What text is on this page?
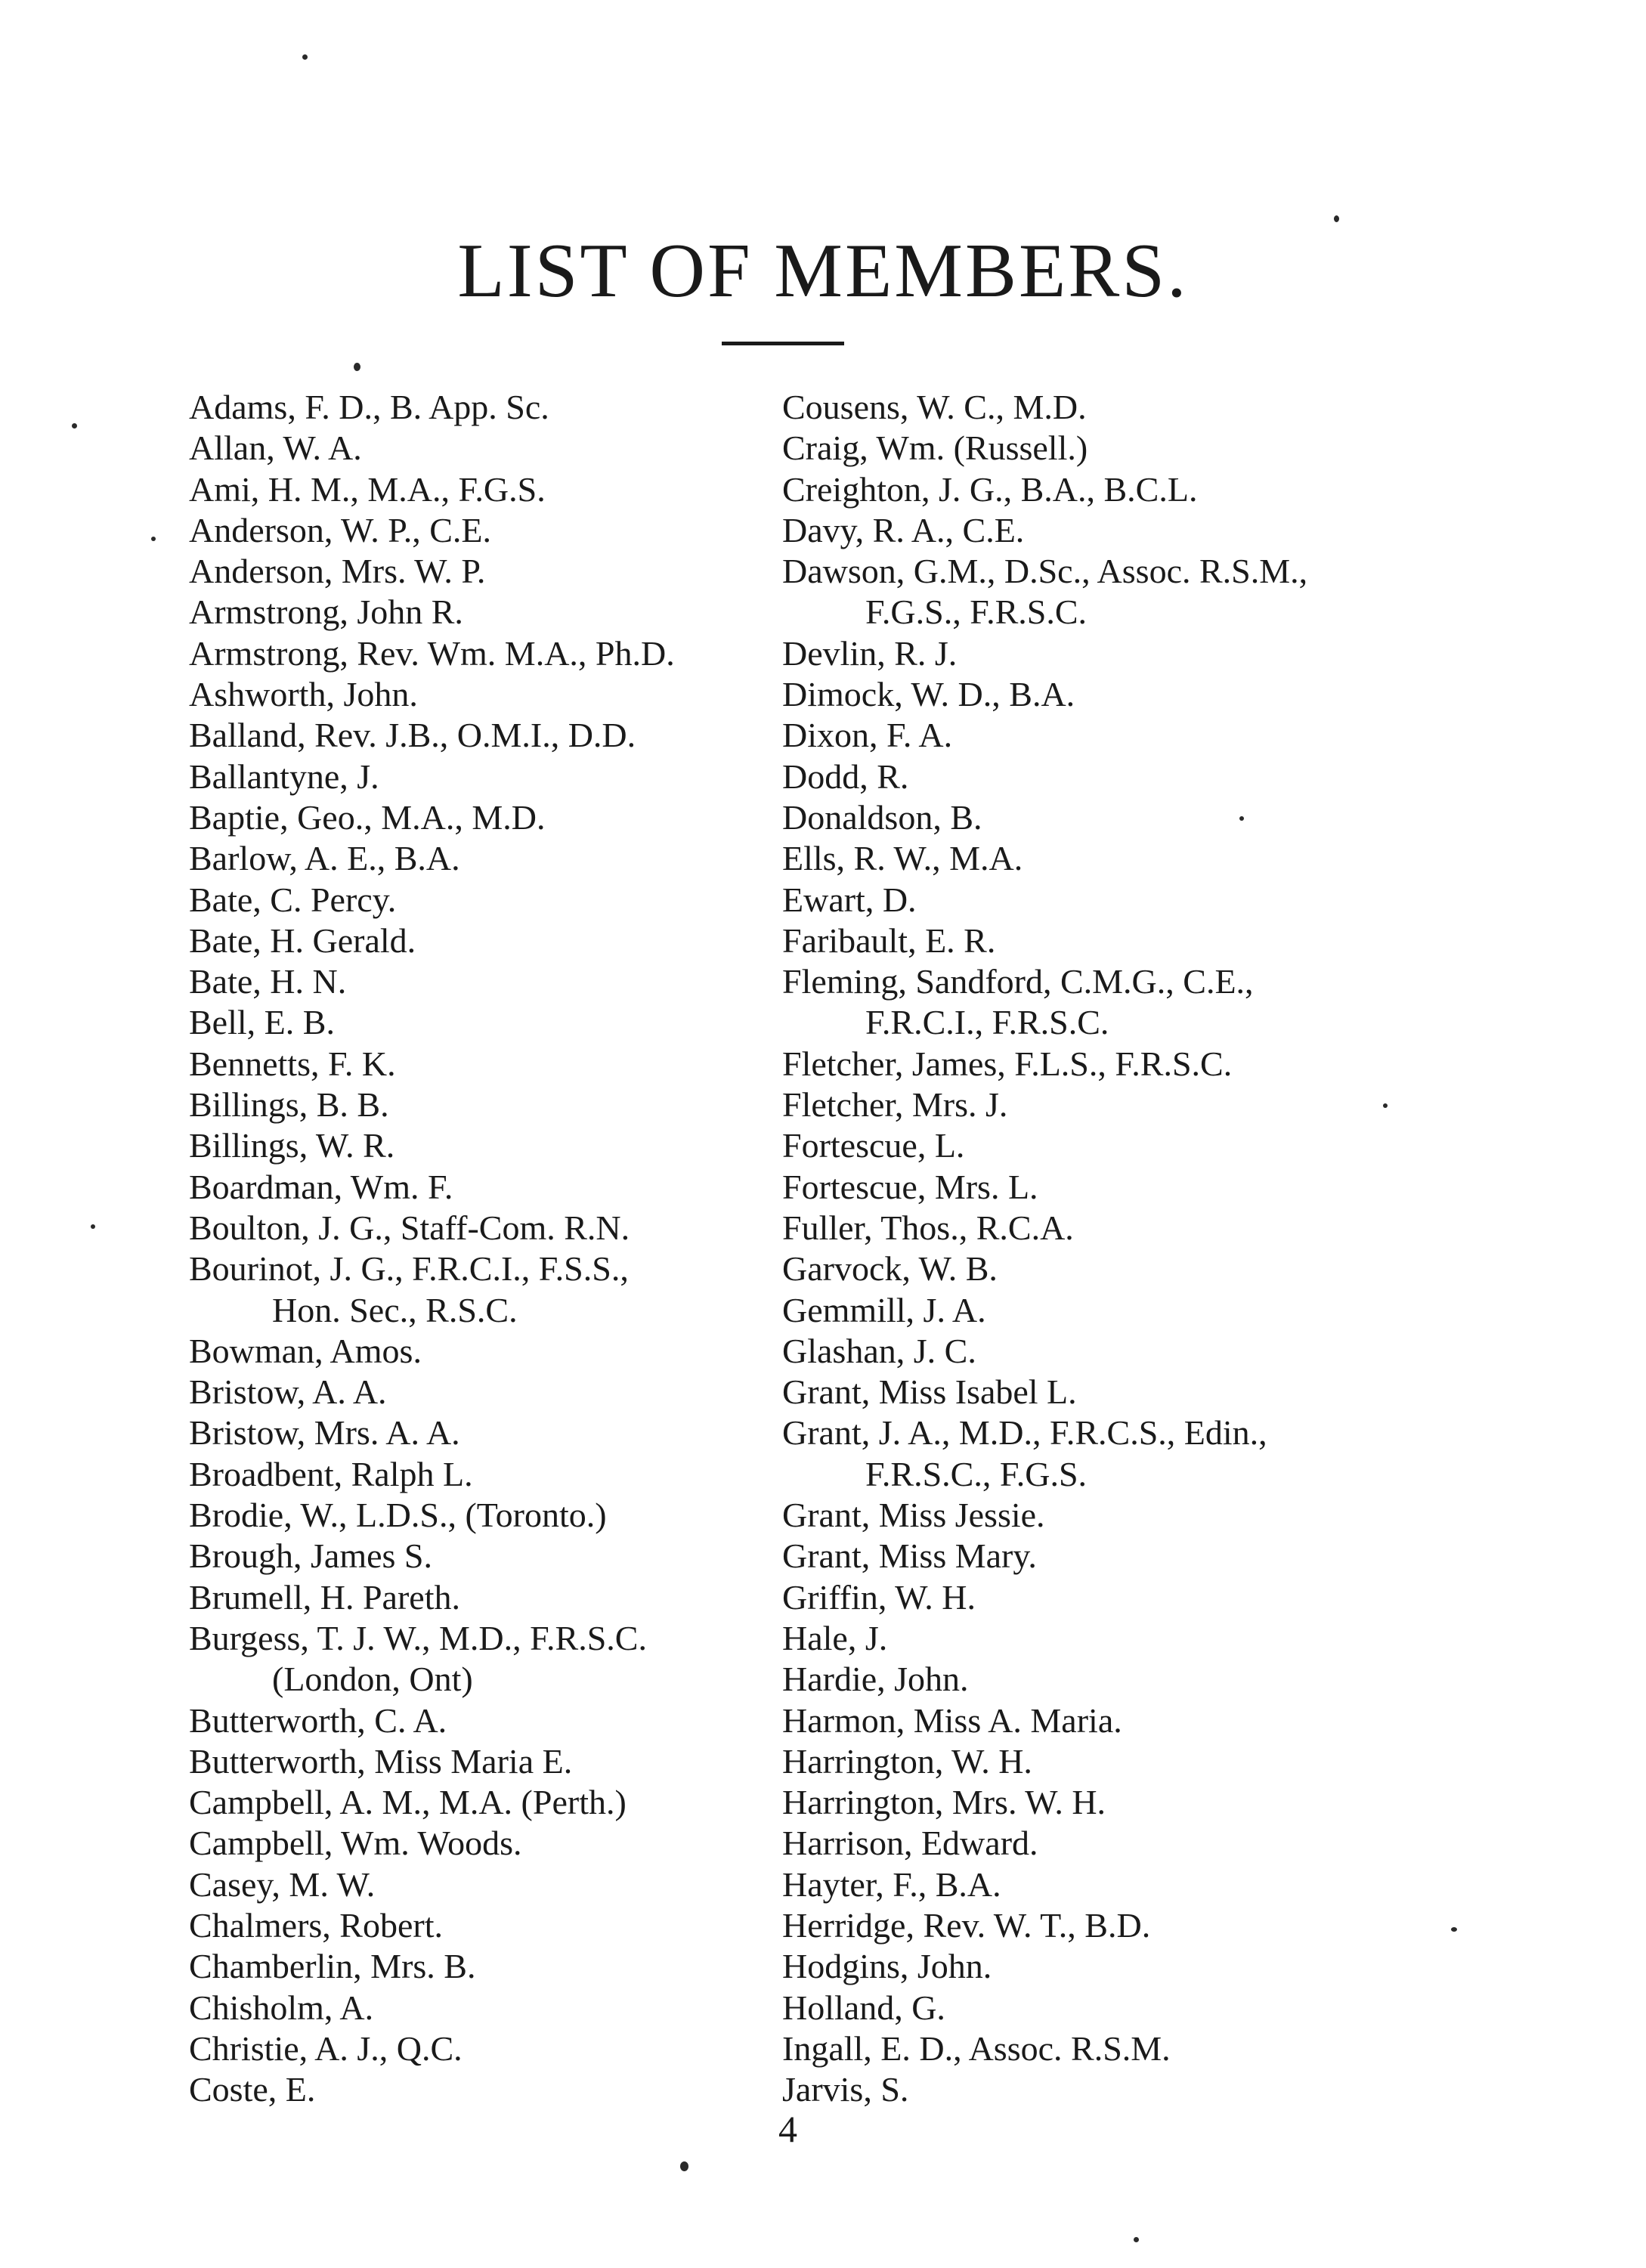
LIST OF MEMBERS.
Adams, F. D., B. App. Sc.
Allan, W. A.
Ami, H. M., M.A., F.G.S.
Anderson, W. P., C.E.
Anderson, Mrs. W. P.
Armstrong, John R.
Armstrong, Rev. Wm. M.A., Ph.D.
Ashworth, John.
Balland, Rev. J.B., O.M.I., D.D.
Ballantyne, J.
Baptie, Geo., M.A., M.D.
Barlow, A. E., B.A.
Bate, C. Percy.
Bate, H. Gerald.
Bate, H. N.
Bell, E. B.
Bennetts, F. K.
Billings, B. B.
Billings, W. R.
Boardman, Wm. F.
Boulton, J. G., Staff-Com. R.N.
Bourinot, J. G., F.R.C.I., F.S.S.,
Hon. Sec., R.S.C.
Bowman, Amos.
Bristow, A. A.
Bristow, Mrs. A. A.
Broadbent, Ralph L.
Brodie, W., L.D.S., (Toronto.)
Brough, James S.
Brumell, H. Pareth.
Burgess, T. J. W., M.D., F.R.S.C.
(London, Ont)
Butterworth, C. A.
Butterworth, Miss Maria E.
Campbell, A. M., M.A. (Perth.)
Campbell, Wm. Woods.
Casey, M. W.
Chalmers, Robert.
Chamberlin, Mrs. B.
Chisholm, A.
Christie, A. J., Q.C.
Coste, E.
Cousens, W. C., M.D.
Craig, Wm. (Russell.)
Creighton, J. G., B.A., B.C.L.
Davy, R. A., C.E.
Dawson, G.M., D.Sc., Assoc. R.S.M.,
F.G.S., F.R.S.C.
Devlin, R. J.
Dimock, W. D., B.A.
Dixon, F. A.
Dodd, R.
Donaldson, B.
Ells, R. W., M.A.
Ewart, D.
Faribault, E. R.
Fleming, Sandford, C.M.G., C.E.,
F.R.C.I., F.R.S.C.
Fletcher, James, F.L.S., F.R.S.C.
Fletcher, Mrs. J.
Fortescue, L.
Fortescue, Mrs. L.
Fuller, Thos., R.C.A.
Garvock, W. B.
Gemmill, J. A.
Glashan, J. C.
Grant, Miss Isabel L.
Grant, J. A., M.D., F.R.C.S., Edin.,
F.R.S.C., F.G.S.
Grant, Miss Jessie.
Grant, Miss Mary.
Griffin, W. H.
Hale, J.
Hardie, John.
Harmon, Miss A. Maria.
Harrington, W. H.
Harrington, Mrs. W. H.
Harrison, Edward.
Hayter, F., B.A.
Herridge, Rev. W. T., B.D.
Hodgins, John.
Holland, G.
Ingall, E. D., Assoc. R.S.M.
Jarvis, S.
4
